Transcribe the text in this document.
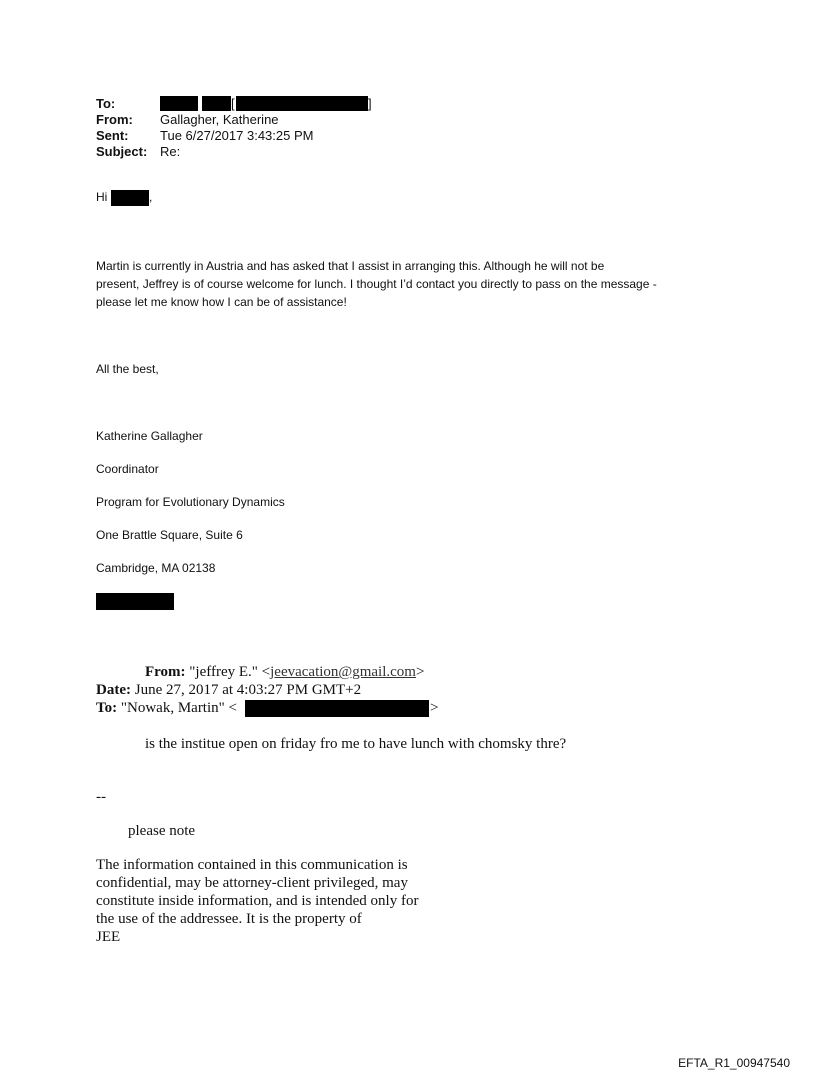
To:	[	]
From: Gallagher, Katherine
Sent: Tue 6/27/2017 3:43:25 PM
Subject: Re:
Hi	,
Martin is currently in Austria and has asked that I assist in arranging this. Although he will not be
present, Jeffrey is of course welcome for lunch. I thought I’d contact you directly to pass on the message -
please let me know how I can be of assistance!
All the best,
Katherine Gallagher
Coordinator
Program for Evolutionary Dynamics
One Brattle Square, Suite 6
Cambridge, MA 02138
From: "jeffrey E." <jeevacation@gmail.com>
Date: June 27, 2017 at 4:03:27 PM GMT+2
To: "Nowak, Martin" <	>
is the institue open on friday fro me to have lunch with chomsky thre?
--
please note
The information contained in this communication is
confidential, may be attorney-client privileged, may
constitute inside information, and is intended only for
the use of the addressee. It is the property of
JEE
EFTA_R1_00947540
